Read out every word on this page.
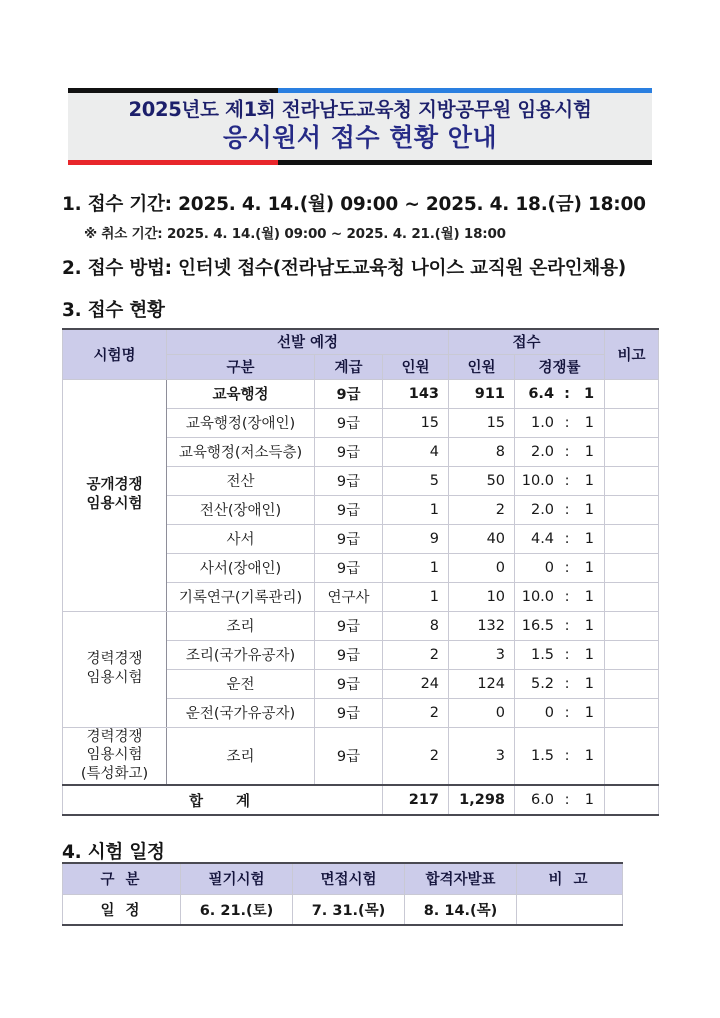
2025년도 제1회 전라남도교육청 지방공무원 임용시험
응시원서 접수 현황 안내
1. 접수 기간: 2025. 4. 14.(월) 09:00 ~ 2025. 4. 18.(금) 18:00
※ 취소 기간: 2025. 4. 14.(월) 09:00 ~ 2025. 4. 21.(월) 18:00
2. 접수 방법: 인터넷 접수(전라남도교육청 나이스 교직원 온라인채용)
3. 접수 현황
4. 시험 일정
시험명	선발 예정			접수		비고
	구분	계급	인원	인원	경쟁률	
공개경쟁
임용시험	교육행정	9급	143	911	6.4 : 1	

	교육행정(장애인)	9급	15	15	1.0 : 1	

	교육행정(저소득층)	9급	4	8	2.0 : 1	

	전산	9급	5	50	10.0 : 1	

	전산(장애인)	9급	1	2	2.0 : 1	

	사서	9급	9	40	4.4 : 1	

	사서(장애인)	9급	1	0	0 : 1	

	기록연구(기록관리)	연구사	1	10	10.0 : 1	

경력경쟁
임용시험	조리	9급	8	132	16.5 : 1	

	조리(국가유공자)	9급	2	3	1.5 : 1	

	운전	9급	24	124	5.2 : 1	

	운전(국가유공자)	9급	2	0	0 : 1	

경력경쟁
임용시험
(특성화고)	조리	9급	2	3	1.5 : 1	

합 계			217	1,298	6.0 : 1	

구 분	필기시험	면접시험	합격자발표	비 고
일 정	6. 21.(토)	7. 31.(목)	8. 14.(목)	
